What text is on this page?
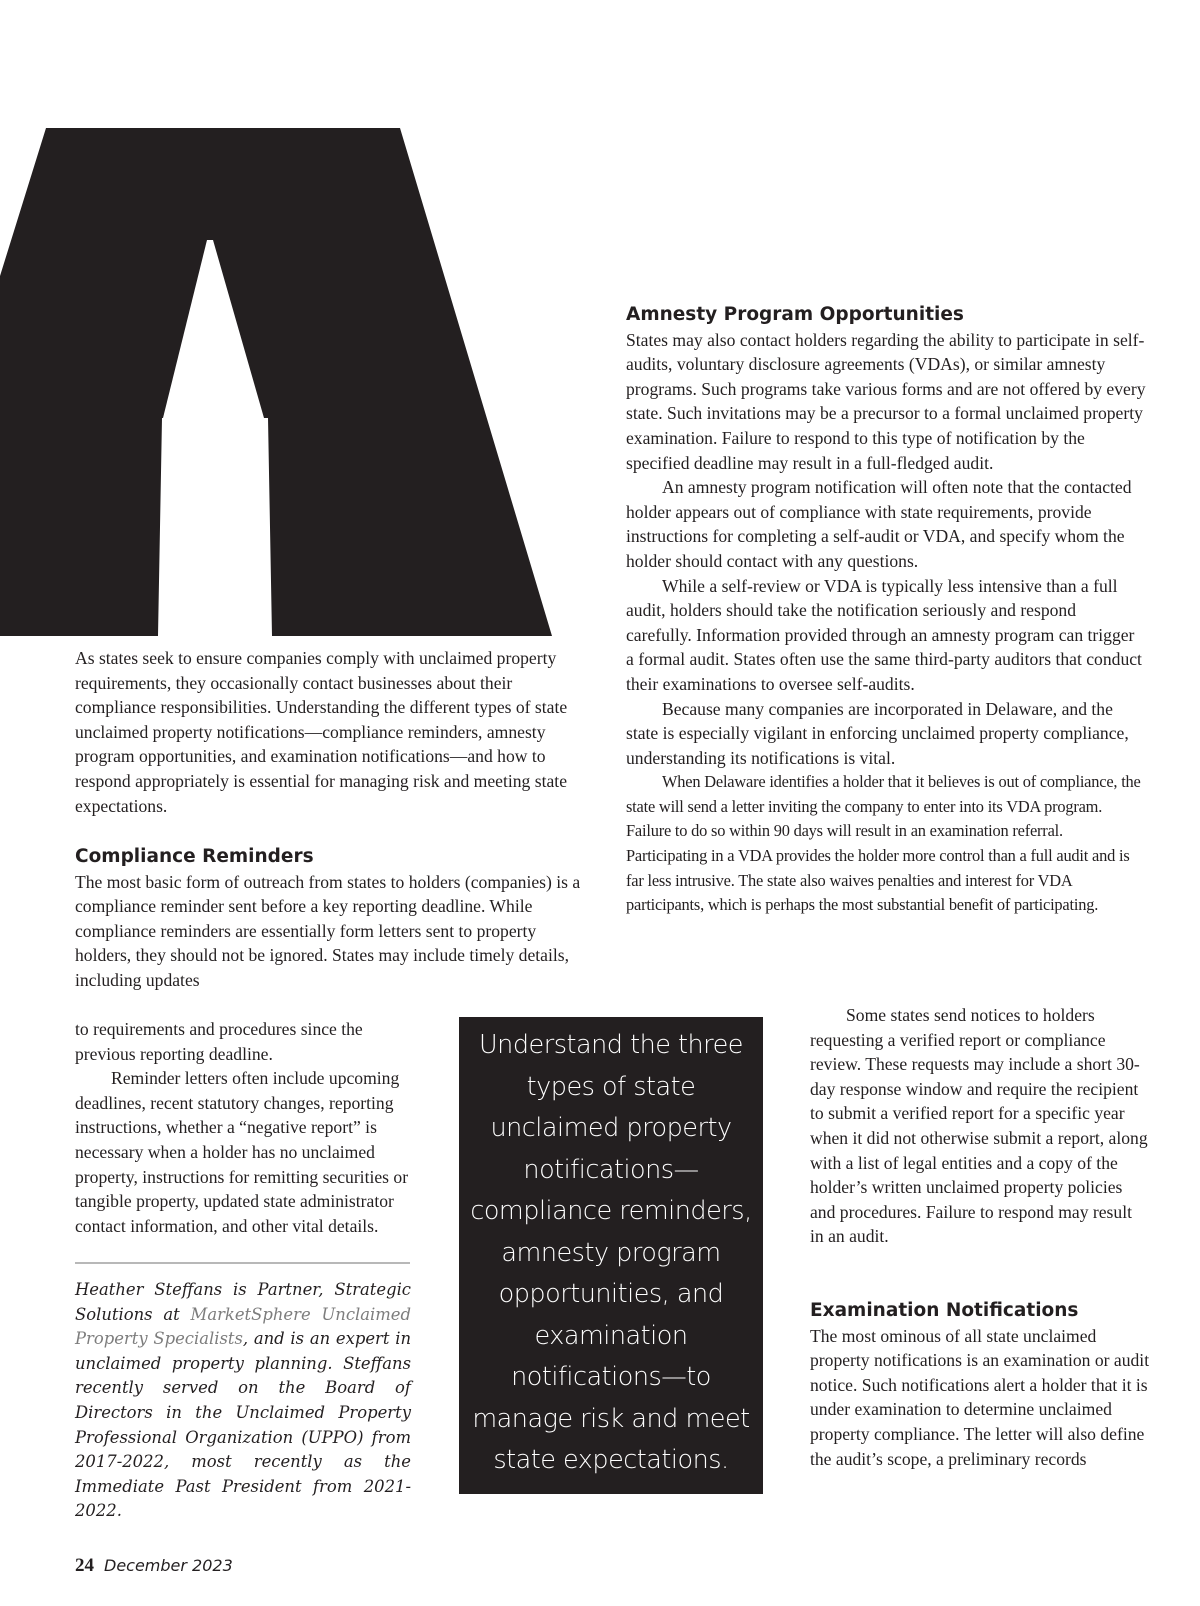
As states seek to ensure companies comply with unclaimed property requirements, they occasionally contact businesses about their compliance responsibilities. Understanding the different types of state unclaimed property notifications—compliance reminders, amnesty program opportunities, and examination notifications—and how to respond appropriately is essential for managing risk and meeting state expectations.

Compliance Reminders

The most basic form of outreach from states to holders (companies) is a compliance reminder sent before a key reporting deadline. While compliance reminders are essentially form letters sent to property holders, they should not be ignored. States may include timely details, including updates

to requirements and procedures since the previous reporting deadline.

Reminder letters often include upcoming deadlines, recent statutory changes, reporting instructions, whether a “negative report” is necessary when a holder has no unclaimed property, instructions for remitting securities or tangible property, updated state administrator contact information, and other vital details.

Heather Steffans is Partner, Strategic Solutions at MarketSphere Unclaimed Property Specialists, and is an expert in unclaimed property planning. Steffans recently served on the Board of Directors in the Unclaimed Property Professional Organization (UPPO) from 2017-2022, most recently as the Immediate Past President from 2021-2022.
Amnesty Program Opportunities

States may also contact holders regarding the ability to participate in self-audits, voluntary disclosure agreements (VDAs), or similar amnesty programs. Such programs take various forms and are not offered by every state. Such invitations may be a precursor to a formal unclaimed property examination. Failure to respond to this type of notification by the specified deadline may result in a full-fledged audit.

An amnesty program notification will often note that the contacted holder appears out of compliance with state requirements, provide instructions for completing a self-audit or VDA, and specify whom the holder should contact with any questions.

While a self-review or VDA is typically less intensive than a full audit, holders should take the notification seriously and respond carefully. Information provided through an amnesty program can trigger a formal audit. States often use the same third-party auditors that conduct their examinations to oversee self-audits.

Because many companies are incorporated in Delaware, and the state is especially vigilant in enforcing unclaimed property compliance, understanding its notifications is vital.

When Delaware identifies a holder that it believes is out of compliance, the state will send a letter inviting the company to enter into its VDA program. Failure to do so within 90 days will result in an examination referral. Participating in a VDA provides the holder more control than a full audit and is far less intrusive. The state also waives penalties and interest for VDA participants, which is perhaps the most substantial benefit of participating.

Some states send notices to holders requesting a verified report or compliance review. These requests may include a short 30-day response window and require the recipient to submit a verified report for a specific year when it did not otherwise submit a report, along with a list of legal entities and a copy of the holder’s written unclaimed property policies and procedures. Failure to respond may result in an audit.

Examination Notifications

The most ominous of all state unclaimed property notifications is an examination or audit notice. Such notifications alert a holder that it is under examination to determine unclaimed property compliance. The letter will also define the audit’s scope, a preliminary records

Understand the three types of state unclaimed property notifications—compliance reminders, amnesty program opportunities, and examination notifications—to manage risk and meet state expectations.
24 December 2023
